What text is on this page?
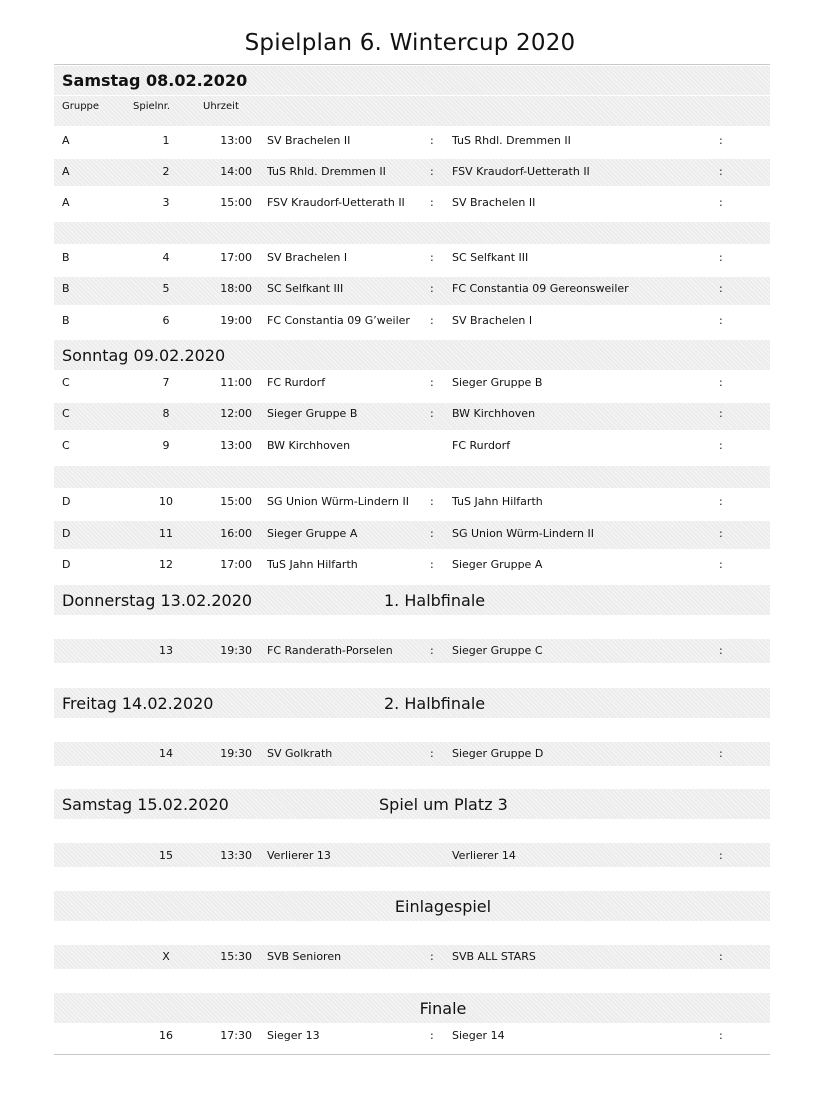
Spielplan 6. Wintercup 2020
Samstag 08.02.2020
Gruppe	Spielnr.	Uhrzeit
A	1	13:00 SV Brachelen II	: TuS Rhdl. Dremmen II	:
A	2	14:00 TuS Rhld. Dremmen II	: FSV Kraudorf-Uetterath II	:
A	3	15:00 FSV Kraudorf-Uetterath II : SV Brachelen II	:
B	4	17:00 SV Brachelen I	: SC Selfkant III	:
B	5	18:00 SC Selfkant III	: FC Constantia 09 Gereonsweiler	:
B	6	19:00 FC Constantia 09 G’weiler : SV Brachelen I	:
Sonntag 09.02.2020
C	7	11:00 FC Rurdorf	: Sieger Gruppe B	:
C	8	12:00 Sieger Gruppe B	: BW Kirchhoven	:
C	9	13:00 BW Kirchhoven	FC Rurdorf	:
D	10	15:00 SG Union Würm-Lindern II : TuS Jahn Hilfarth	:
D	11	16:00 Sieger Gruppe A	: SG Union Würm-Lindern II	:
D	12	17:00 TuS Jahn Hilfarth	: Sieger Gruppe A	:
Donnerstag 13.02.2020	1. Halbfinale
13	19:30 FC Randerath-Porselen	: Sieger Gruppe C	:
Freitag 14.02.2020	2. Halbfinale
14	19:30 SV Golkrath	: Sieger Gruppe D	:
Samstag 15.02.2020	Spiel um Platz 3
15	13:30 Verlierer 13	Verlierer 14	:
Einlagespiel
X	15:30 SVB Senioren	: SVB ALL STARS	:
Finale
16	17:30 Sieger 13	: Sieger 14	:
